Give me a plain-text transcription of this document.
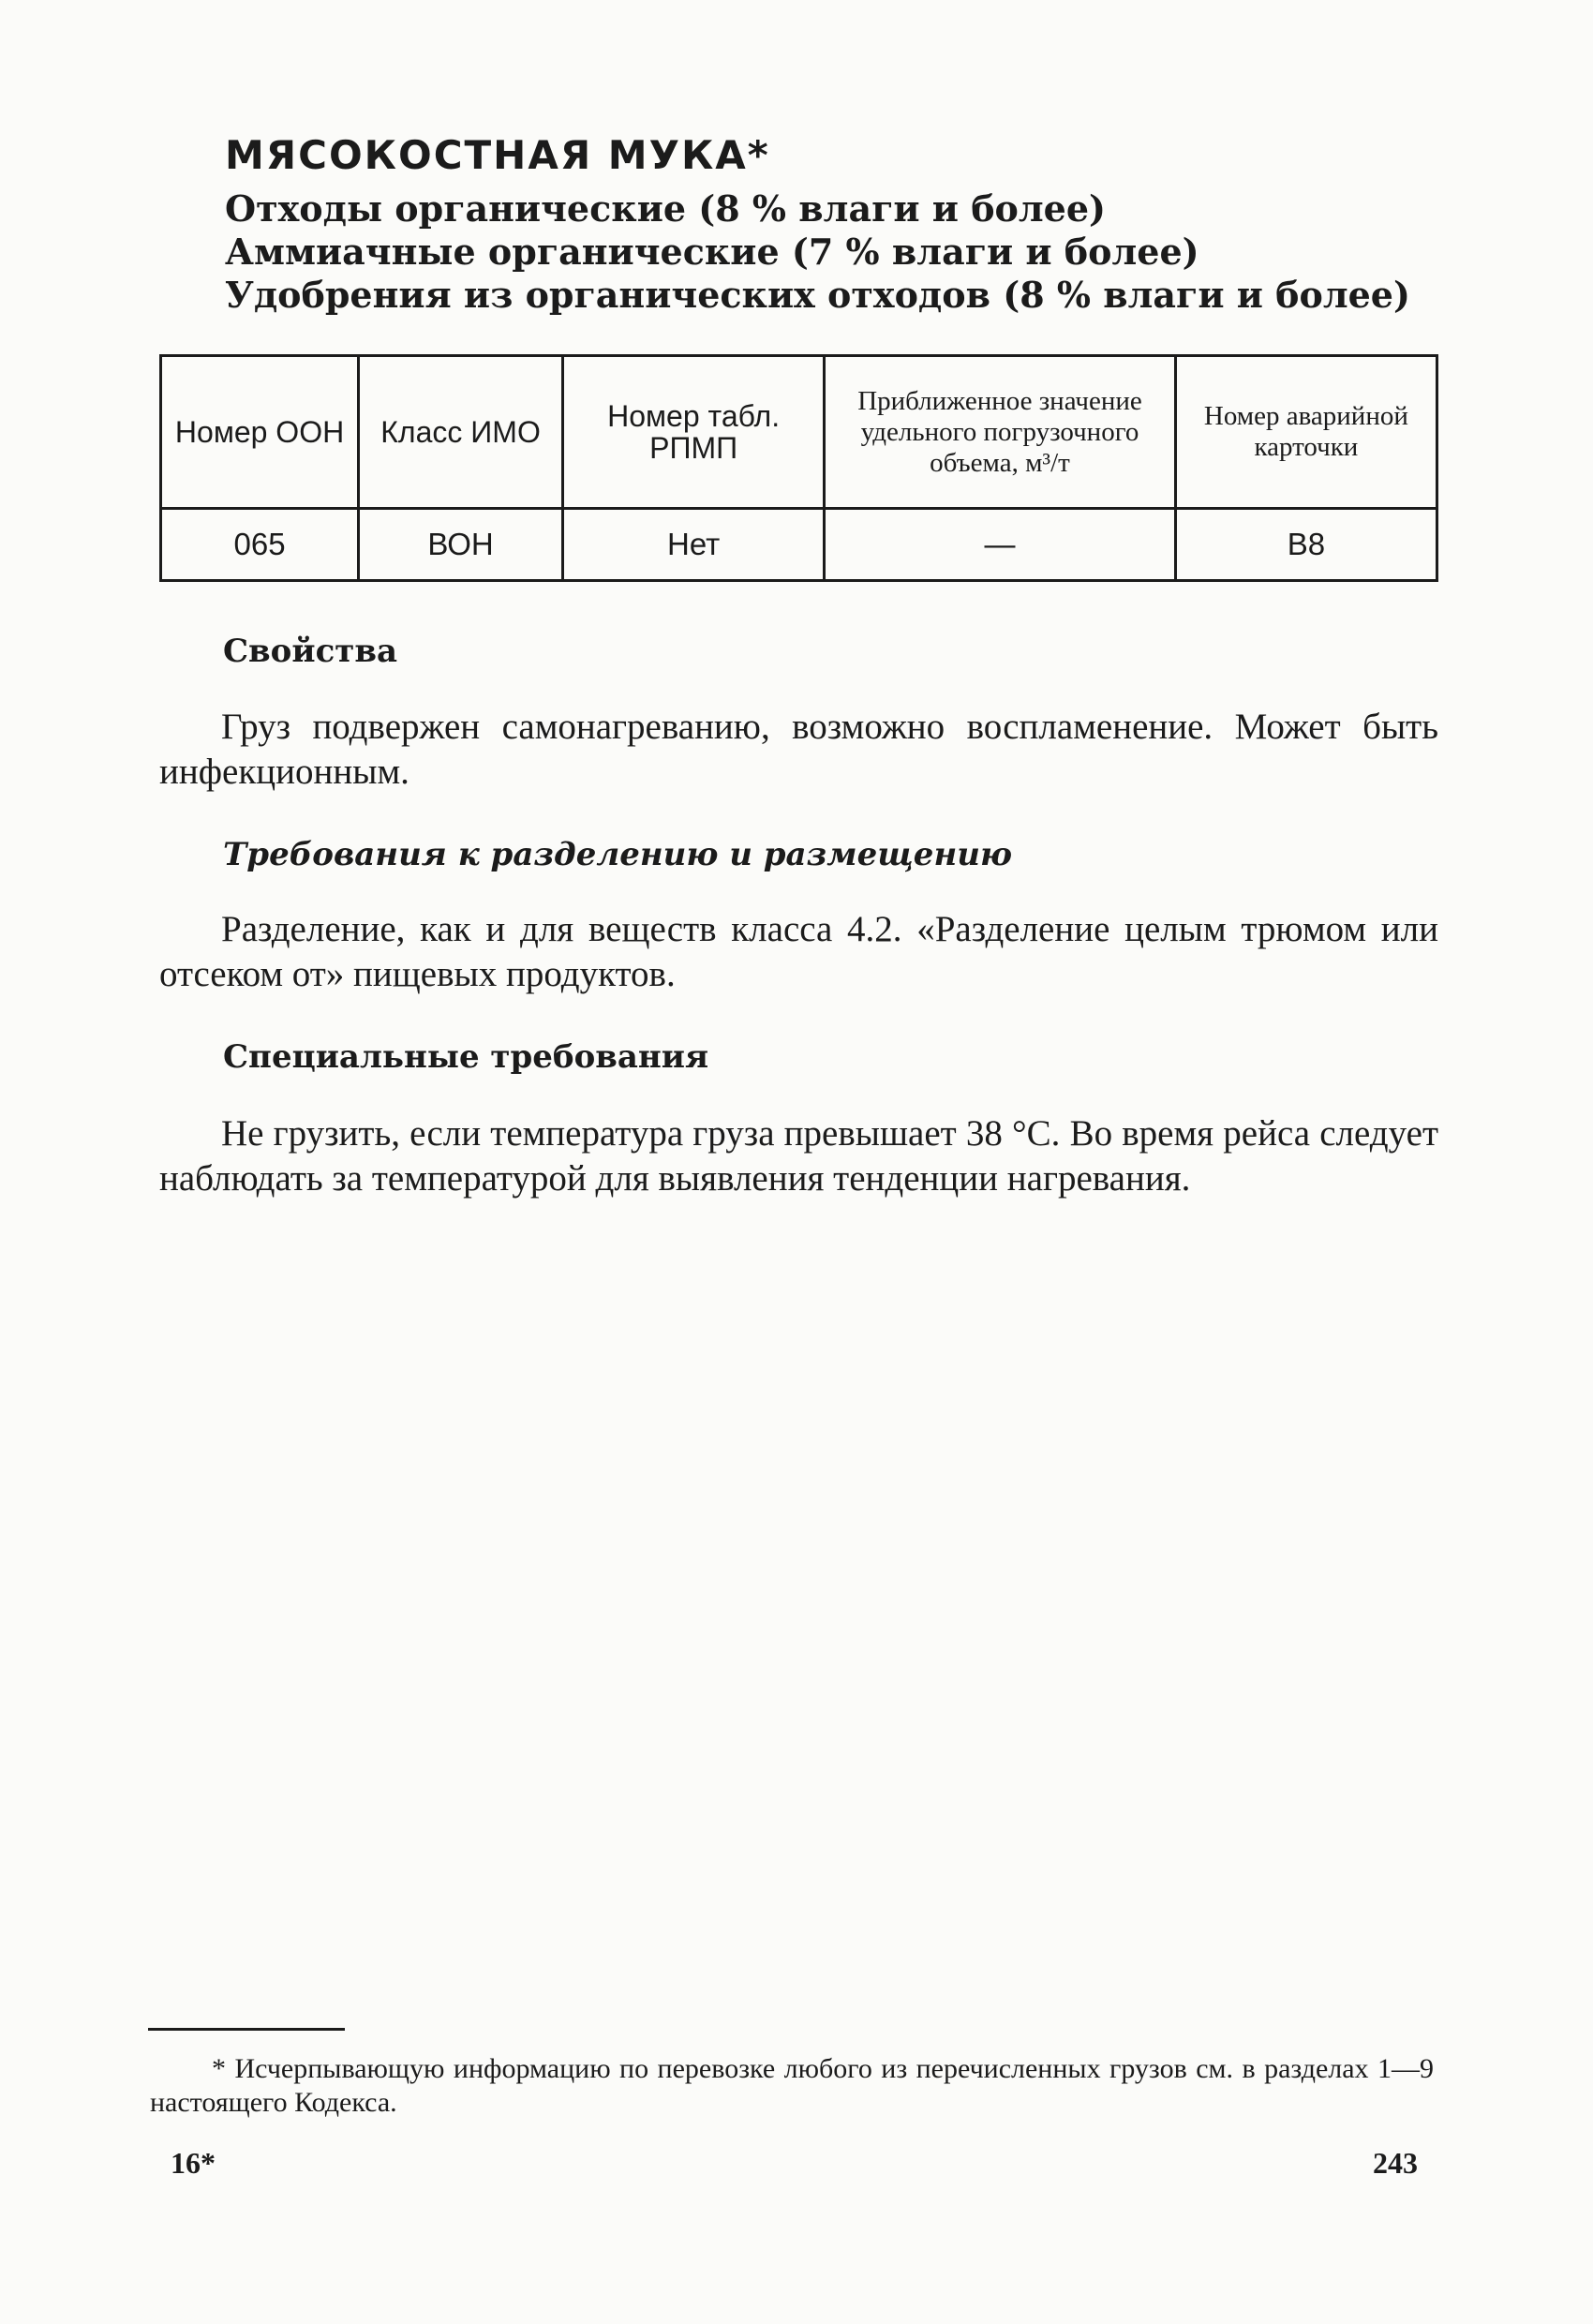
МЯСОКОСТНАЯ МУКА*

Отходы органические (8 % влаги и более)

Аммиачные органические (7 % влаги и более)

Удобрения из органических отходов (8 % влаги и более)

Номер ООН	Класс ИМО	Номер табл. РПМП	Приближенное значение удельного погрузочного объема, м³/т	Номер аварийной карточки
065	ВОН	Нет	—	В8
Свойства

Груз подвержен самонагреванию, возможно воспламенение. Может быть инфекционным.

Требования к разделению и размещению

Разделение, как и для веществ класса 4.2. «Разделение целым трюмом или отсеком от» пищевых продуктов.

Специальные требования

Не грузить, если температура груза превышает 38 °C. Во время рейса следует наблюдать за температурой для выявления тенденции нагревания.

* Исчерпывающую информацию по перевозке любого из перечисленных грузов см. в разделах 1—9 настоящего Кодекса.

16*	243
